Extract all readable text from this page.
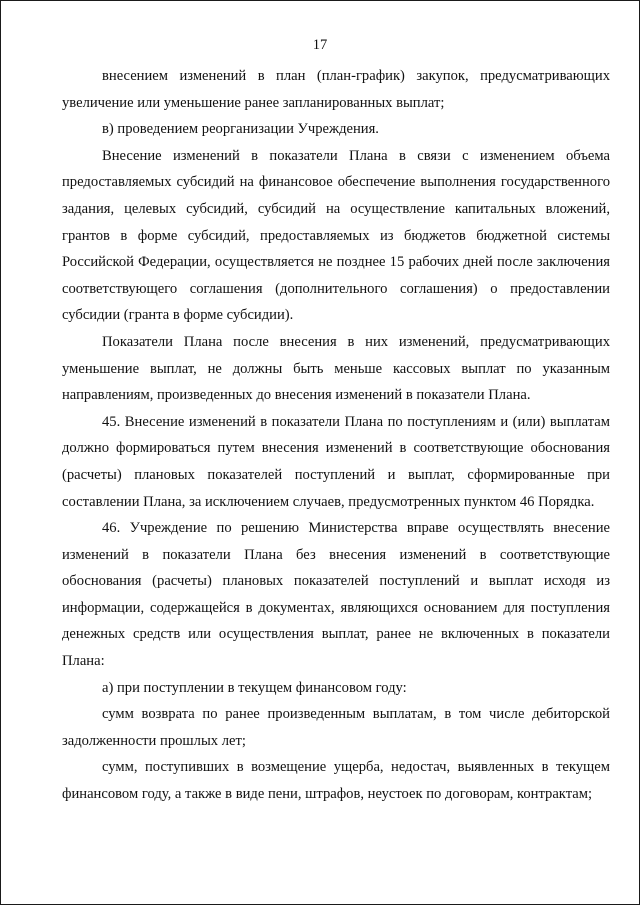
17

внесением изменений в план (план-график) закупок, предусматривающих увеличение или уменьшение ранее запланированных выплат;

в) проведением реорганизации Учреждения.

Внесение изменений в показатели Плана в связи с изменением объема предоставляемых субсидий на финансовое обеспечение выполнения государственного задания, целевых субсидий, субсидий на осуществление капитальных вложений, грантов в форме субсидий, предоставляемых из бюджетов бюджетной системы Российской Федерации, осуществляется не позднее 15 рабочих дней после заключения соответствующего соглашения (дополнительного соглашения) о предоставлении субсидии (гранта в форме субсидии).

Показатели Плана после внесения в них изменений, предусматривающих уменьшение выплат, не должны быть меньше кассовых выплат по указанным направлениям, произведенных до внесения изменений в показатели Плана.

45. Внесение изменений в показатели Плана по поступлениям и (или) выплатам должно формироваться путем внесения изменений в соответствующие обоснования (расчеты) плановых показателей поступлений и выплат, сформированные при составлении Плана, за исключением случаев, предусмотренных пунктом 46 Порядка.

46. Учреждение по решению Министерства вправе осуществлять внесение изменений в показатели Плана без внесения изменений в соответствующие обоснования (расчеты) плановых показателей поступлений и выплат исходя из информации, содержащейся в документах, являющихся основанием для поступления денежных средств или осуществления выплат, ранее не включенных в показатели Плана:

а) при поступлении в текущем финансовом году:

сумм возврата по ранее произведенным выплатам, в том числе дебиторской задолженности прошлых лет;

сумм, поступивших в возмещение ущерба, недостач, выявленных в текущем финансовом году, а также в виде пени, штрафов, неустоек по договорам, контрактам;
